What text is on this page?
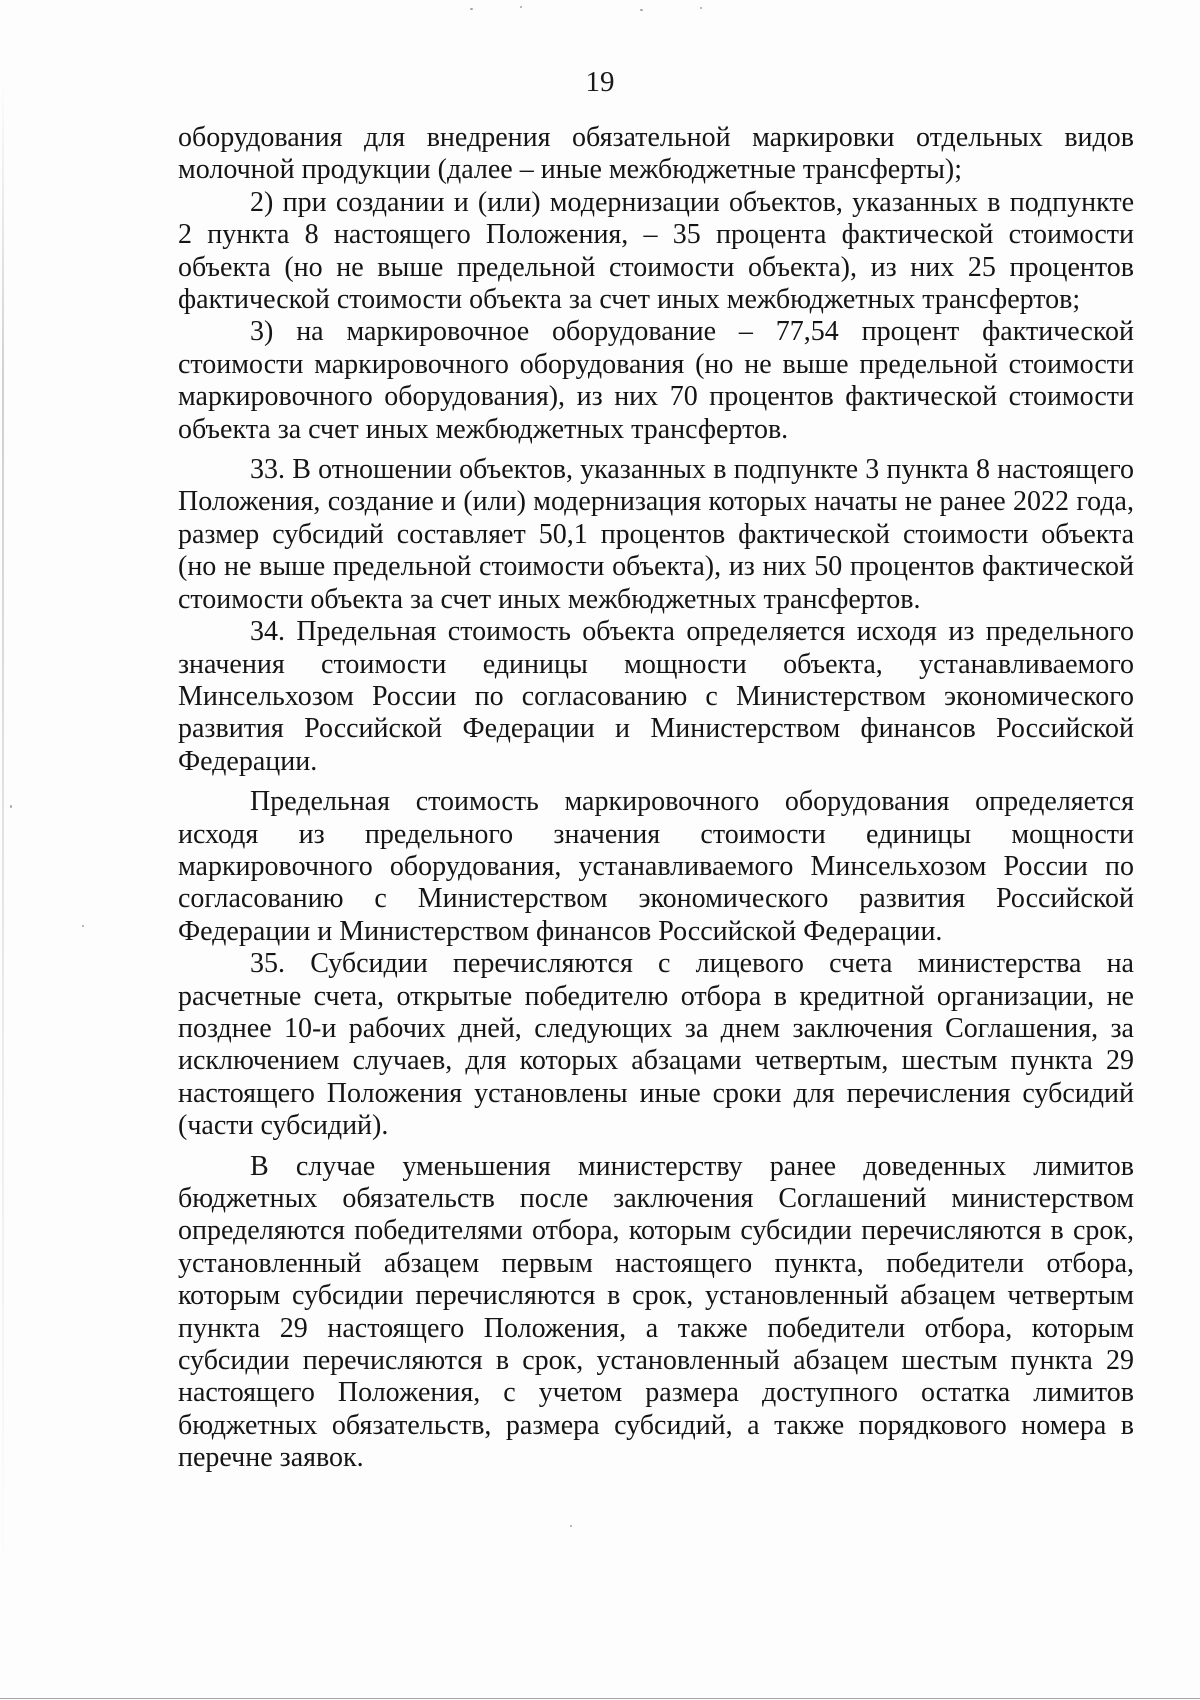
19

оборудования для внедрения обязательной маркировки отдельных видов молочной продукции (далее – иные межбюджетные трансферты);

2) при создании и (или) модернизации объектов, указанных в подпункте 2 пункта 8 настоящего Положения, – 35 процента фактической стоимости объекта (но не выше предельной стоимости объекта), из них 25 процентов фактической стоимости объекта за счет иных межбюджетных трансфертов;

3) на маркировочное оборудование – 77,54 процент фактической стоимости маркировочного оборудования (но не выше предельной стоимости маркировочного оборудования), из них 70 процентов фактической стоимости объекта за счет иных межбюджетных трансфертов.

33. В отношении объектов, указанных в подпункте 3 пункта 8 настоящего Положения, создание и (или) модернизация которых начаты не ранее 2022 года, размер субсидий составляет 50,1 процентов фактической стоимости объекта (но не выше предельной стоимости объекта), из них 50 процентов фактической стоимости объекта за счет иных межбюджетных трансфертов.

34. Предельная стоимость объекта определяется исходя из предельного значения стоимости единицы мощности объекта, устанавливаемого Минсельхозом России по согласованию с Министерством экономического развития Российской Федерации и Министерством финансов Российской Федерации.

Предельная стоимость маркировочного оборудования определяется исходя из предельного значения стоимости единицы мощности маркировочного оборудования, устанавливаемого Минсельхозом России по согласованию с Министерством экономического развития Российской Федерации и Министерством финансов Российской Федерации.

35. Субсидии перечисляются с лицевого счета министерства на расчетные счета, открытые победителю отбора в кредитной организации, не позднее 10-и рабочих дней, следующих за днем заключения Соглашения, за исключением случаев, для которых абзацами четвертым, шестым пункта 29 настоящего Положения установлены иные сроки для перечисления субсидий (части субсидий).

В случае уменьшения министерству ранее доведенных лимитов бюджетных обязательств после заключения Соглашений министерством определяются победителями отбора, которым субсидии перечисляются в срок, установленный абзацем первым настоящего пункта, победители отбора, которым субсидии перечисляются в срок, установленный абзацем четвертым пункта 29 настоящего Положения, а также победители отбора, которым субсидии перечисляются в срок, установленный абзацем шестым пункта 29 настоящего Положения, с учетом размера доступного остатка лимитов бюджетных обязательств, размера субсидий, а также порядкового номера в перечне заявок.
